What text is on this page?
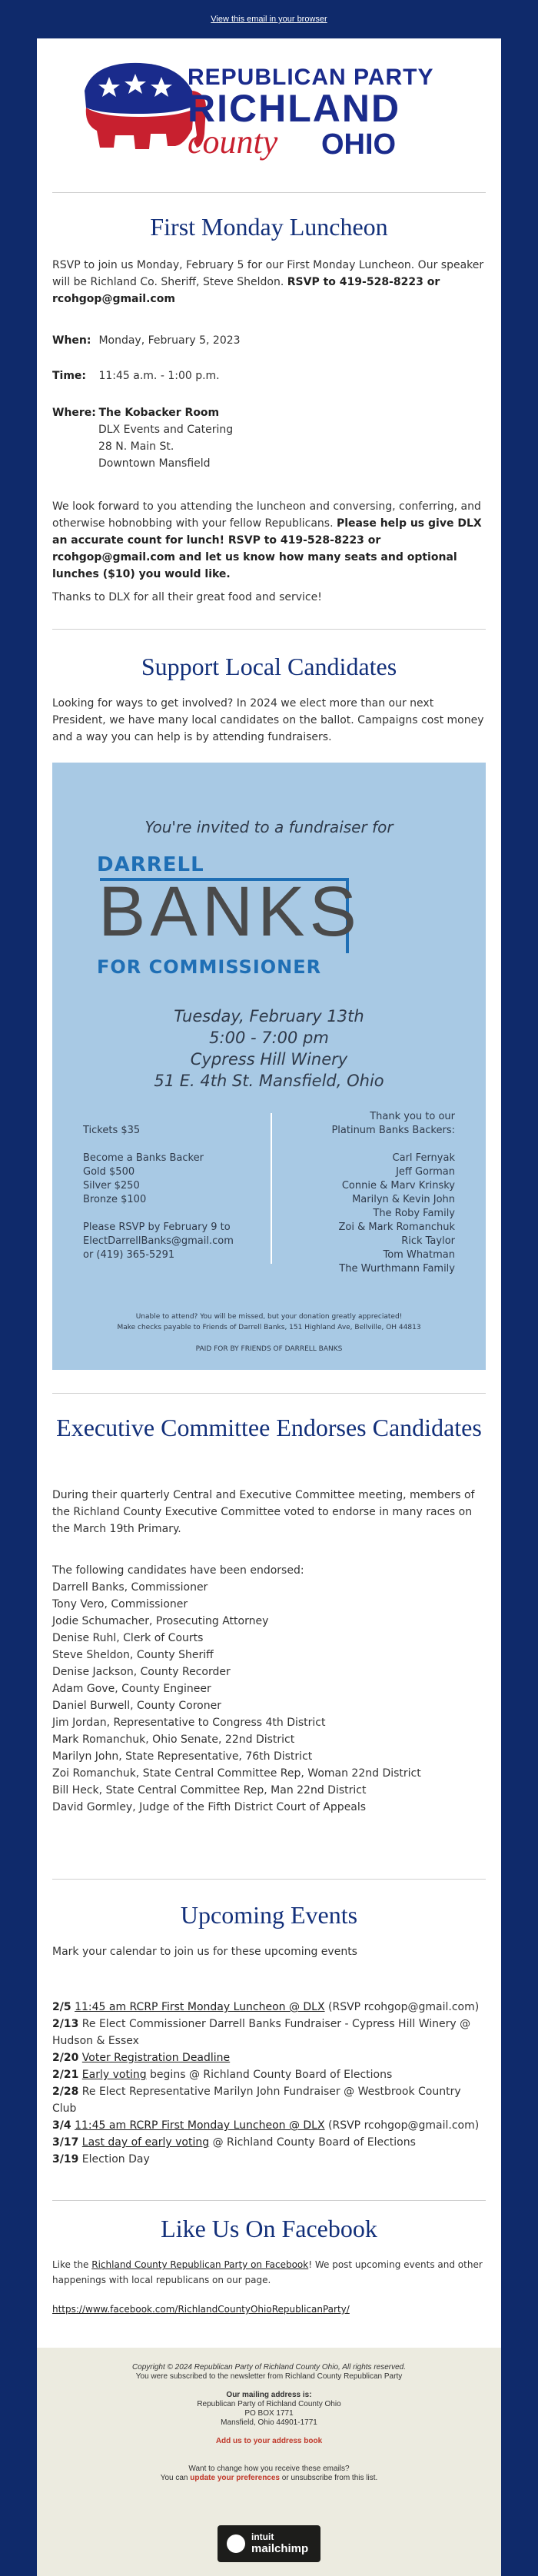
View this email in your browser
REPUBLICAN PARTY
RICHLAND
county OHIO
First Monday Luncheon
RSVP to join us Monday, February 5 for our First Monday Luncheon. Our speaker will be Richland Co. Sheriff, Steve Sheldon. RSVP to 419-528-8223 or rcohgop@gmail.com
When: Monday, February 5, 2023
Time: 11:45 a.m. - 1:00 p.m.
Where: The Kobacker Room
DLX Events and Catering
28 N. Main St.
Downtown Mansfield
We look forward to you attending the luncheon and conversing, conferring, and otherwise hobnobbing with your fellow Republicans. Please help us give DLX an accurate count for lunch! RSVP to 419-528-8223 or rcohgop@gmail.com and let us know how many seats and optional lunches ($10) you would like.
Thanks to DLX for all their great food and service!
Support Local Candidates
Looking for ways to get involved? In 2024 we elect more than our next President, we have many local candidates on the ballot. Campaigns cost money and a way you can help is by attending fundraisers.
You're invited to a fundraiser for
DARRELL
BANKS
FOR COMMISSIONER
Tuesday, February 13th
5:00 - 7:00 pm
Cypress Hill Winery
51 E. 4th St. Mansfield, Ohio
Tickets $35
Become a Banks Backer
Gold $500
Silver $250
Bronze $100
Please RSVP by February 9 to
ElectDarrellBanks@gmail.com
or (419) 365-5291
Thank you to our
Platinum Banks Backers:
Carl Fernyak
Jeff Gorman
Connie & Marv Krinsky
Marilyn & Kevin John
The Roby Family
Zoi & Mark Romanchuk
Rick Taylor
Tom Whatman
The Wurthmann Family
Unable to attend? You will be missed, but your donation greatly appreciated!
Make checks payable to Friends of Darrell Banks, 151 Highland Ave, Bellville, OH 44813
PAID FOR BY FRIENDS OF DARRELL BANKS
Executive Committee Endorses Candidates
During their quarterly Central and Executive Committee meeting, members of the Richland County Executive Committee voted to endorse in many races on the March 19th Primary.
The following candidates have been endorsed:
Darrell Banks, Commissioner
Tony Vero, Commissioner
Jodie Schumacher, Prosecuting Attorney
Denise Ruhl, Clerk of Courts
Steve Sheldon, County Sheriff
Denise Jackson, County Recorder
Adam Gove, County Engineer
Daniel Burwell, County Coroner
Jim Jordan, Representative to Congress 4th District
Mark Romanchuk, Ohio Senate, 22nd District
Marilyn John, State Representative, 76th District
Zoi Romanchuk, State Central Committee Rep, Woman 22nd District
Bill Heck, State Central Committee Rep, Man 22nd District
David Gormley, Judge of the Fifth District Court of Appeals
Upcoming Events
Mark your calendar to join us for these upcoming events
2/5 11:45 am RCRP First Monday Luncheon @ DLX (RSVP rcohgop@gmail.com)
2/13 Re Elect Commissioner Darrell Banks Fundraiser - Cypress Hill Winery @ Hudson & Essex
2/20 Voter Registration Deadline
2/21 Early voting begins @ Richland County Board of Elections
2/28 Re Elect Representative Marilyn John Fundraiser @ Westbrook Country Club
3/4 11:45 am RCRP First Monday Luncheon @ DLX (RSVP rcohgop@gmail.com)
3/17 Last day of early voting @ Richland County Board of Elections
3/19 Election Day
Like Us On Facebook
Like the Richland County Republican Party on Facebook! We post upcoming events and other happenings with local republicans on our page.
https://www.facebook.com/RichlandCountyOhioRepublicanParty/
Copyright © 2024 Republican Party of Richland County Ohio, All rights reserved.
You were subscribed to the newsletter from Richland County Republican Party
Our mailing address is:
Republican Party of Richland County Ohio
PO BOX 1771
Mansfield, Ohio 44901-1771
Add us to your address book
Want to change how you receive these emails?
You can update your preferences or unsubscribe from this list.
intuit
mailchimp
